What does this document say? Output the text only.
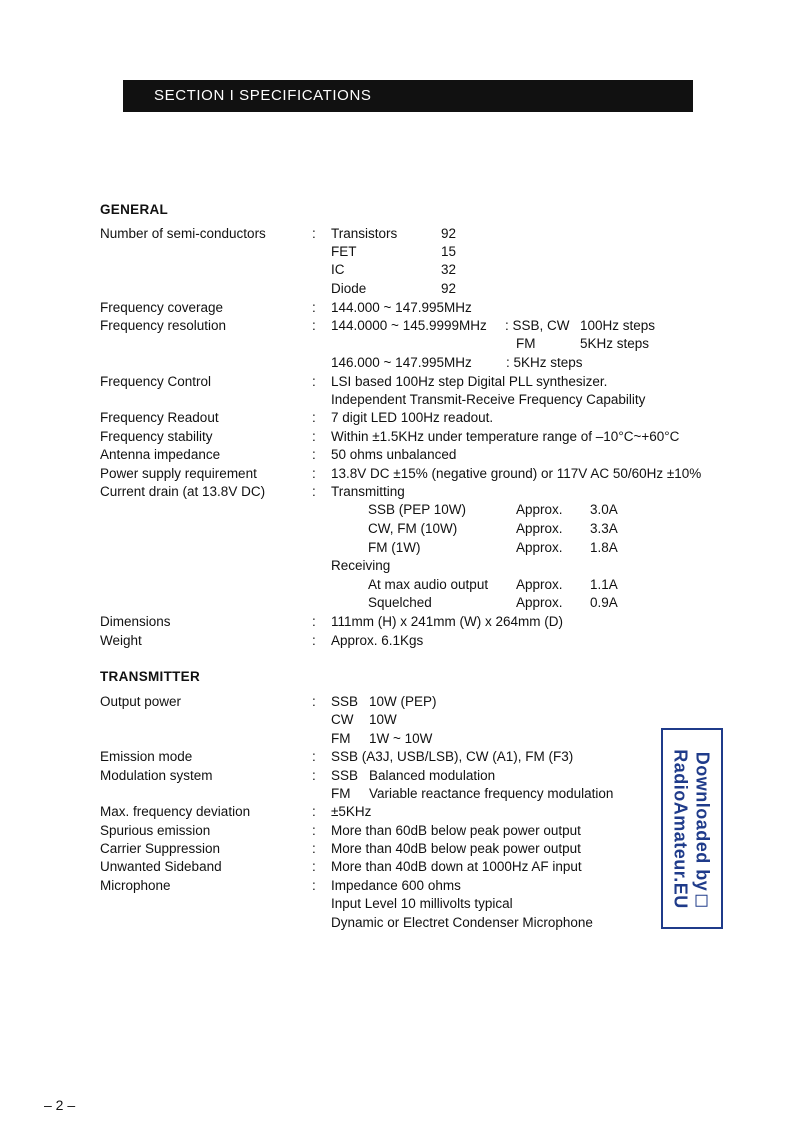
SECTION I SPECIFICATIONS
GENERAL
Number of semi-conductors	: Transistors	92
FET	15
IC	32
Diode	92
Frequency coverage	: 144.000 ~ 147.995MHz
Frequency resolution	: 144.0000 ~ 145.9999MHz : SSB, CW 100Hz steps
FM	5KHz steps
146.000 ~ 147.995MHz	: 5KHz steps
Frequency Control	: LSI based 100Hz step Digital PLL synthesizer.
Independent Transmit-Receive Frequency Capability
Frequency Readout	: 7 digit LED 100Hz readout.
Frequency stability	: Within ±1.5KHz under temperature range of –10°C~+60°C
Antenna impedance	: 50 ohms unbalanced
Power supply requirement	: 13.8V DC ±15% (negative ground) or 117V AC 50/60Hz ±10%
Current drain (at 13.8V DC)	: Transmitting
SSB (PEP 10W)	Approx. 3.0A
CW, FM (10W)	Approx. 3.3A
FM (1W)	Approx. 1.8A
Receiving
At max audio output Approx. 1.1A
Squelched	Approx. 0.9A
Dimensions	: 111mm (H) x 241mm (W) x 264mm (D)
Weight	: Approx. 6.1Kgs
TRANSMITTER
Output power	: SSB 10W (PEP)
CW 10W
FM 1W ~ 10W
Emission mode	: SSB (A3J, USB/LSB), CW (A1), FM (F3)
Modulation system	: SSB Balanced modulation
FM Variable reactance frequency modulation
Max. frequency deviation	: ±5KHz
Spurious emission	: More than 60dB below peak power output
Carrier Suppression	: More than 40dB below peak power output
Unwanted Sideband	: More than 40dB down at 1000Hz AF input
Microphone	: Impedance 600 ohms
Input Level 10 millivolts typical
Dynamic or Electret Condenser Microphone
Downloaded by
RadioAmateur.EU
– 2 –
